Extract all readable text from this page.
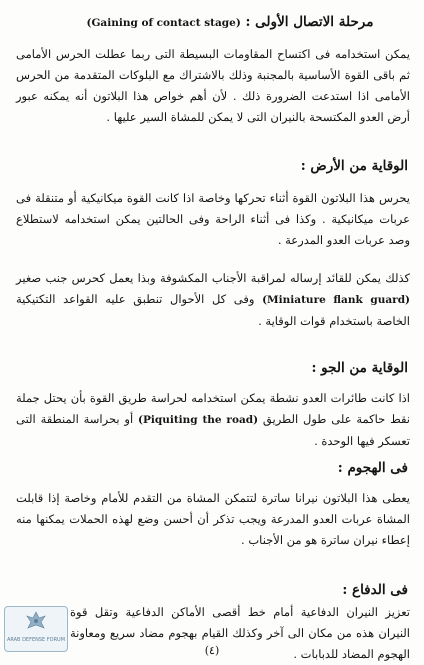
مرحلة الاتصال الأولى : (Gaining of contact stage)
يمكن استخدامه فى اكتساح المقاومات البسيطة التى ربما عطلت الحرس الأمامى ثم باقى القوة الأساسية بالمجنبة وذلك بالاشتراك مع البلوكات المتقدمة من الحرس الأمامى اذا استدعت الضرورة ذلك . لأن أهم خواص هذا البلاتون أنه يمكنه عبور أرض العدو المكتسحة بالنيران التى لا يمكن للمشاة السير عليها .
الوقاية من الأرض :
يحرس هذا البلاتون القوة أثناء تحركها وخاصة اذا كانت القوة ميكانيكية أو متنقلة فى عربات ميكانيكية . وكذا فى أثناء الراحة وفى الحالتين يمكن استخدامه لاستطلاع وصد عربات العدو المدرعة .
كذلك يمكن للقائد إرساله لمراقبة الأجناب المكشوفة وبذا يعمل كحرس جنب صغير (Miniature flank guard) وفى كل الأحوال تنطبق عليه القواعد التكتيكية الخاصة باستخدام قوات الوقاية .
الوقاية من الجو :
اذا كانت طائرات العدو نشطة يمكن استخدامه لحراسة طريق القوة بأن يحتل جملة نقط حاكمة على طول الطريق (Piquiting the road) أو بحراسة المنطقة التى تعسكر فيها الوحدة .
فى الهجوم :
يعطى هذا البلاتون نيرانا ساترة لتتمكن المشاة من التقدم للأمام وخاصة إذا قابلت المشاة عربات العدو المدرعة ويجب تذكر أن أحسن وضع لهذه الحملات يمكنها منه إعطاء نيران ساترة هو من الأجناب .
فى الدفاع :
تعزيز النيران الدفاعية أمام خط أقصى الأماكن الدفاعية وتقل قوة النيران هذه من مكان الى آخر وكذلك القيام بهجوم مضاد سريع ومعاونة الهجوم المضاد للدبابات .
ARAB DEFENSE FORUM
(٤)
